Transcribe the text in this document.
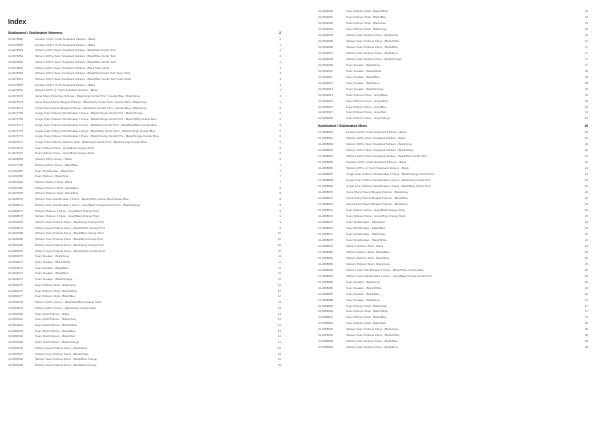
Index
Sublimated / Sublimated Womens	2
41-0076866	Fanatics 2XPro Youth Snapback Stickers - Black	2
41-0076865	Fanatics 2XPro Youth Snapback Stickers - Black	2
41-0076864	Stickers 2XPro Team Snapback Stickers - Black/Red Nordic Tech	2
41-0076863	Stickers 2XPro Team Snapback Stickers - Black/Blue Nordic Tech	2
41-0076862	Stickers 2XPro Team Snapback Stickers - Black/Blue Nordic Tech	2
41-0076846	Stickers 2XPro Team Snapback Stickers - Black Team Shell	3
41-0076845	Stickers 2XPro Team Snapback Stickers - Black/Red Nordic Tech Team Shell	3
41-0076844	Stickers 2XPro Team Snapback Stickers - Black/Blue Nordic Tech Team Shell	3
41-0075865	Fanatics 2XPro Youth Snapback Stickers - Black	3
41-0075861	Stickers 2XPro Jr Youth Snapback Stickers - Black	4
41-0074576	Versa Sharp Polo/Gray Pullover - Black/Gray Nordic Print - Fanatic Blue / Black/Gray	4
41-0074575	Versa Sharp Sheets Brigade Pullover - Black/Gray Nordic Print - Fanatic Blue / Black/Gray	4
41-0074573	Versa Sharp Sheets Brigade Pullover - Black/Gray Nordic Print - Fanatic Blue / Black/Gray	5
41-0074766	Jungle Team Pullover Windbreaker 1 Piece - Black/Orange Nordic Print - Black/Orange	5
41-0074765	Jungle Team Pullover Windbreaker 1 Piece - Black/Orange Nordic Print - Black/White Outline Blue	5
41-0074774	Jungle Team Pullover Windbreaker 1 Piece - Black/Red Nordic Print - Black/Red/Blue Fanatic Blue	5
41-0074773	Jungle Team Pullover Windbreaker 1 Piece - Black/Blue Nordic Print - Black/Orange Fanatic Blue	5
41-0074772	Jungle Team Pullover Windbreaker 1 Piece - Black/Orange Nordic Print - Black/Orange Fanatic Blue	6
41-0074071	Jungle Team Pullover Stadium Shell - Black/Gray Nordic Print - Black/Orange Fanatic Blue	6
41-0074070	Team Pullover Piece - Gray/Black Orange Shell	6
41-0074072	Team Pullover Piece - Gray/Black Orange Shell	6
41-0096881	Stickers 2XPro Jersey - Black	6
41-0071706	Stickers 2XPro Jersey - Black/Blue	7
41-0104651	Team Windbreaker - Black/Red	7
41-0104650	Team Pullover - Black/Gray	7
41-0097866	Stickers Pullover Shell - Black	7
41-0097865	Stickers Pullover Shell - Black/Blue	8
41-0097878	Stickers Pullover Shell - Black/Red	8
41-0098075	Stickers Team Windbreaker 1 Piece - Black/White Outline Blue/Fanatic Blue	8
41-0098074	Stickers Team Windbreaker 1 Piece - Gray/Black Orange Nordic Print - Black/Orange	8
41-0098077	Stickers Pullover 1 Piece - Gray/Black Orange Print	9
41-0098078	Stickers Pullover 1 Piece - Gray/Black Orange Shell	9
41-0099978	Stickers Team Pullover Piece - Black/Gray Orange Print	9
41-0098079	Stickers Team Pullover Piece - Black/White Orange Print	9
41-0099088	Stickers Team Pullover Piece - Black/Blue Orange Print	10
41-0099089	Stickers Team Pullover Piece - Black/Red Orange Print	10
41-0099090	Stickers Team Pullover Piece - Black/Gray Orange Print	10
41-0099091	Stickers Team Pullover Piece - Black/White Orange Print	10
41-0099270	Team Sneaker - Black/Gray	11
41-0099271	Team Sneaker - Black/White	11
41-0099272	Team Sneaker - Black/Blue	11
41-0099273	Team Sneaker - Black/Red	11
41-0099274	Team Sneaker - Black/Orange	12
41-0099275	Team Pullover Shell - Black/Gray	12
41-0099276	Team Pullover Shell - Black/White	12
41-0099277	Team Pullover Shell - Black/Blue	12
41-0099278	Stickers 2XPro Jersey - Black/Red/Blue Orange Shell	13
41-0099279	Stickers 2XPro Jersey - Black/Gray Orange Shell	13
41-0093900	Team Shell Pullover - Black	13
41-0093901	Team Shell Pullover - Black/Gray	13
41-0093902	Team Shell Pullover - Black/White	14
41-0093903	Team Shell Pullover - Black/Blue	14
41-0093904	Team Shell Pullover - Black/Red	14
41-0093905	Team Shell Pullover - Black/Orange	14
41-0093906	Stickers Team Pullover Piece - Black/Gray	15
41-0093907	Stickers Team Pullover Piece - Black/White	15
41-0093908	Stickers Team Pullover Piece - Black/Blue Orange	15
41-0093909	Stickers Team Pullover Piece - Black/Red Orange	15
41-0099900	Team Pullover Shell - Black/White	16
41-0099901	Team Pullover Shell - Black/Blue	16
41-0099902	Team Pullover Shell - Black/Red	16
41-0099903	Team Pullover Shell - Black/Gray	16
41-0099904	Stickers Team Pullover Piece - Black/Gray	16
41-0099905	Stickers Team Pullover Piece - Black/White	16
41-0099906	Stickers Team Pullover Piece - Black/Blue	17
41-0099907	Stickers Team Pullover Piece - Black/Red	17
41-0099908	Stickers Team Pullover Piece - Black/Orange	17
41-0099909	Team Sneaker - Black/Gray	17
41-0099910	Team Sneaker - Black/White	18
41-0099911	Team Sneaker - Black/Blue	18
41-0099912	Team Sneaker - Black/Red	18
41-0099913	Team Sneaker - Black/Orange	18
41-0099914	Team Pullover Piece - Gray/Black	19
41-0099915	Team Pullover Piece - Gray/White	19
41-0099916	Team Pullover Piece - Gray/Blue	19
41-0099917	Team Pullover Piece - Gray/Red	19
41-0099918	Team Pullover Piece - Gray/Orange	19
Sublimated / Sublimated Mens	19
41-0088860	Fanatics 2XPro Youth Snapback Stickers - Black	20
41-0088861	Stickers 2XPro Team Snapback Stickers - Black	20
41-0088862	Stickers 2XPro Team Snapback Stickers - Black/Gray	20
41-0088863	Stickers 2XPro Team Snapback Stickers - Black/White	20
41-0088864	Stickers 2XPro Team Snapback Stickers - Black/Blue Nordic Tech	21
41-0088865	Fanatics 2XPro Youth Snapback Stickers - Black	21
41-0088866	Stickers 2XPro Jr Youth Snapback Stickers - Black	21
41-0088867	Jungle Team Pullover Windbreaker 1 Piece - Black/Orange Nordic Print	21
41-0088868	Jungle Team Pullover Windbreaker 1 Piece - Black/Gray Nordic Print	22
41-0088869	Jungle Team Pullover Windbreaker 1 Piece - Black/Blue Nordic Print	22
41-0088870	Versa Sharp Sheets Brigade Pullover - Black/Gray	22
41-0088871	Versa Sharp Sheets Brigade Pullover - Black/Blue	22
41-0088872	Versa Sharp Sheets Brigade Pullover - Black/Red	23
41-0088873	Team Pullover Piece - Gray/Black Orange Shell	23
41-0088874	Team Pullover Piece - Gray/White Orange Shell	23
41-0088875	Team Windbreaker - Black/Red	23
41-0088876	Team Windbreaker - Black/Blue	24
41-0088877	Team Windbreaker - Black/Gray	24
41-0088878	Team Windbreaker - Black/White	24
41-0088879	Stickers Pullover Shell - Black	24
41-0088880	Stickers Pullover Shell - Black/Blue	25
41-0088881	Stickers Pullover Shell - Black/Red	25
41-0088882	Stickers Pullover Shell - Black/Gray	25
41-0088883	Stickers Team Windbreaker 1 Piece - Black/White Outline Blue	25
41-0088884	Stickers Team Windbreaker 1 Piece - Gray/Black Orange Nordic Print	26
41-0088885	Team Sneaker - Black/Gray	26
41-0088886	Team Sneaker - Black/White	26
41-0088887	Team Sneaker - Black/Blue	26
41-0088888	Team Sneaker - Black/Red	27
41-0088889	Team Pullover Shell - Black/Gray	27
41-0088890	Team Pullover Shell - Black/White	27
41-0088891	Team Pullover Shell - Black/Blue	27
41-0088892	Team Pullover Shell - Black/Red	28
41-0088893	Stickers Team Pullover Piece - Black/Gray	28
41-0088894	Stickers Team Pullover Piece - Black/White	28
41-0088895	Stickers Team Pullover Piece - Black/Blue	28
41-0088896	Stickers Team Pullover Piece - Black/Red	29
